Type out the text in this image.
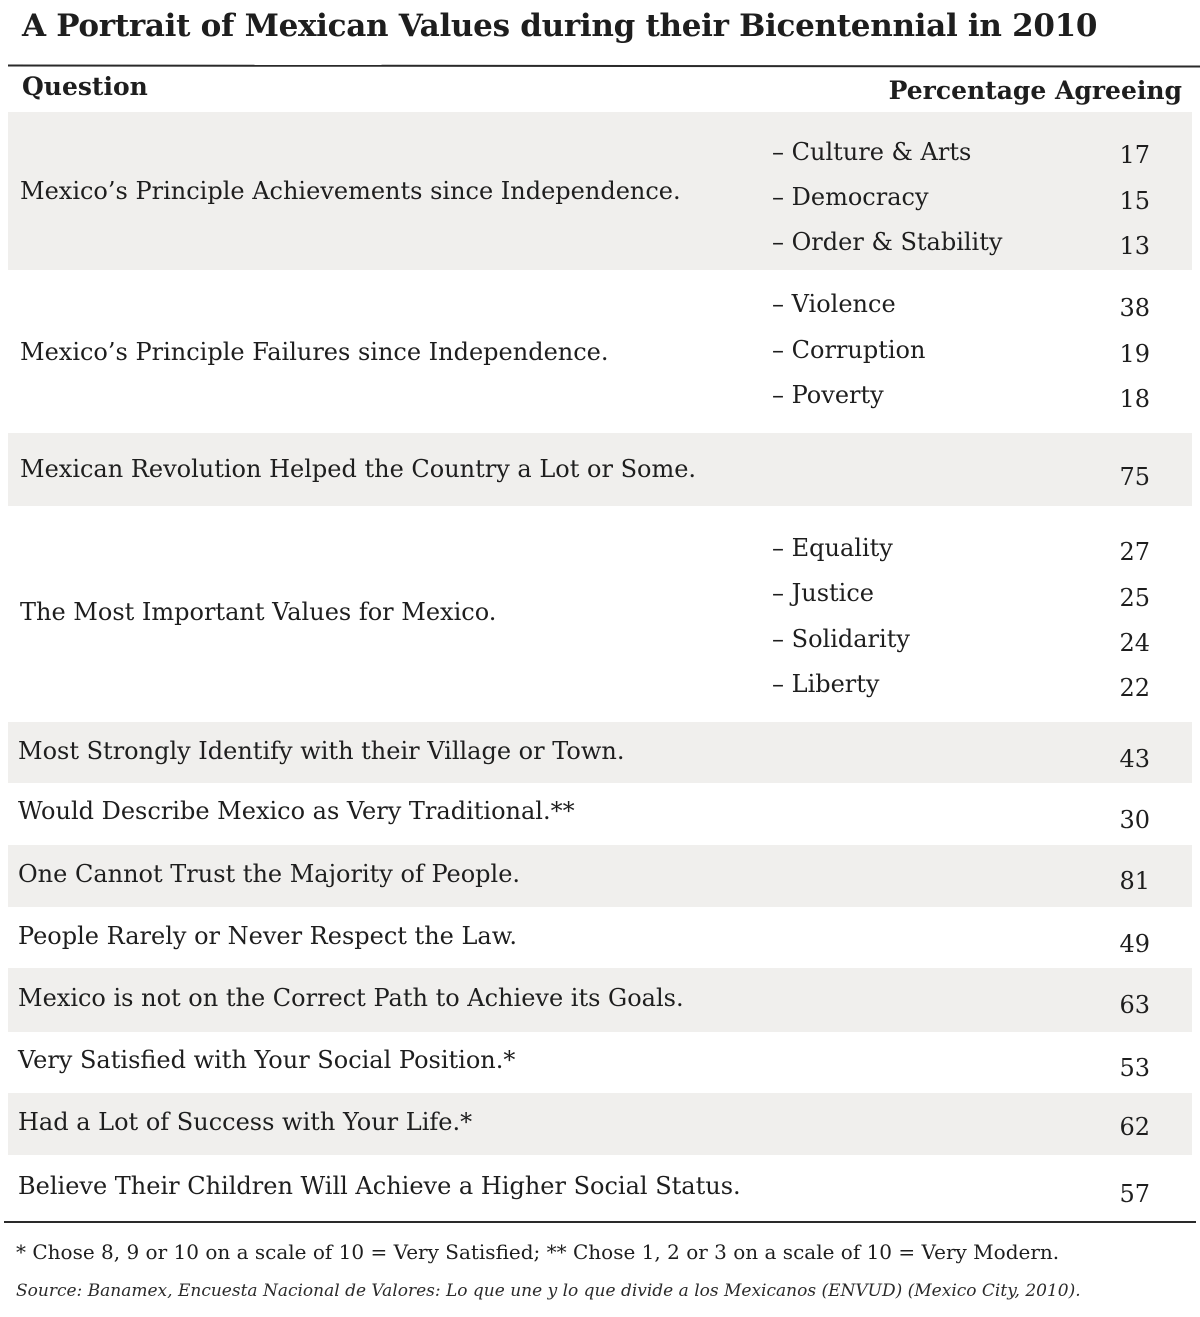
A Portrait of Mexican Values during their Bicentennial in 2010
Question	Percentage Agreeing
Mexico’s Principle Achievements since Independence.
– Culture & Arts	17
– Democracy	15
– Order & Stability	13
Mexico’s Principle Failures since Independence.
– Violence	38
– Corruption	19
– Poverty	18
Mexican Revolution Helped the Country a Lot or Some.	75
The Most Important Values for Mexico.
– Equality	27
– Justice	25
– Solidarity	24
– Liberty	22
Most Strongly Identify with their Village or Town.	43
Would Describe Mexico as Very Traditional.**	30
One Cannot Trust the Majority of People.	81
People Rarely or Never Respect the Law.	49
Mexico is not on the Correct Path to Achieve its Goals.	63
Very Satisfied with Your Social Position.*	53
Had a Lot of Success with Your Life.*	62
Believe Their Children Will Achieve a Higher Social Status.	57
* Chose 8, 9 or 10 on a scale of 10 = Very Satisfied; ** Chose 1, 2 or 3 on a scale of 10 = Very Modern.
Source: Banamex, Encuesta Nacional de Valores: Lo que une y lo que divide a los Mexicanos (ENVUD) (Mexico City, 2010).
